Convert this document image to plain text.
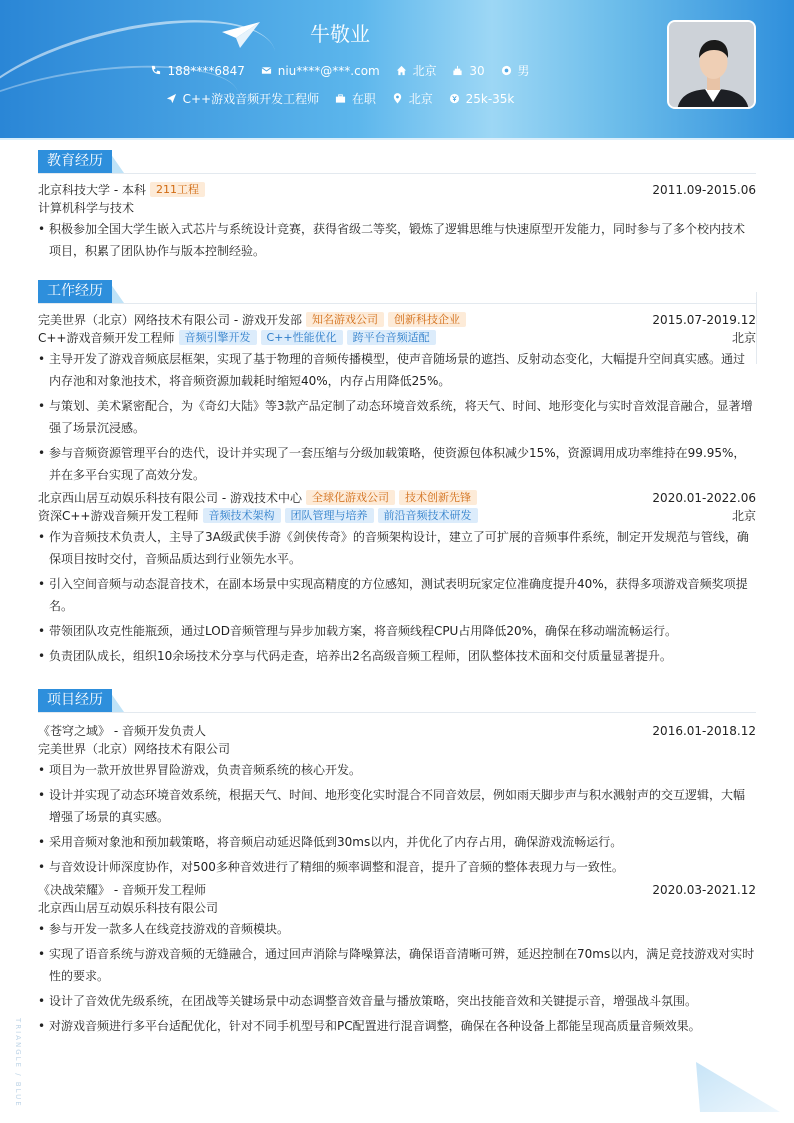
牛敬业
188****6847	niu****@***.com	北京	30	男
C++游戏音频开发工程师	在职	北京	25k-35k
教育经历
北京科技大学 - 本科 211工程	2011.09-2015.06
计算机科学与技术
• 积极参加全国大学生嵌入式芯片与系统设计竞赛，获得省级二等奖，锻炼了逻辑思维与快速原型开发能力，同时参与了多个校内技术项目，积累了团队协作与版本控制经验。
工作经历
完美世界（北京）网络技术有限公司 - 游戏开发部 知名游戏公司 创新科技企业	2015.07-2019.12
C++游戏音频开发工程师 音频引擎开发 C++性能优化 跨平台音频适配	北京
• 主导开发了游戏音频底层框架，实现了基于物理的音频传播模型，使声音随场景的遮挡、反射动态变化，大幅提升空间真实感。通过内存池和对象池技术，将音频资源加载耗时缩短40%，内存占用降低25%。
• 与策划、美术紧密配合，为《奇幻大陆》等3款产品定制了动态环境音效系统，将天气、时间、地形变化与实时音效混音融合，显著增强了场景沉浸感。
• 参与音频资源管理平台的迭代，设计并实现了一套压缩与分级加载策略，使资源包体积减少15%，资源调用成功率维持在99.95%，并在多平台实现了高效分发。
北京西山居互动娱乐科技有限公司 - 游戏技术中心 全球化游戏公司 技术创新先锋	2020.01-2022.06
资深C++游戏音频开发工程师 音频技术架构 团队管理与培养 前沿音频技术研发	北京
• 作为音频技术负责人，主导了3A级武侠手游《剑侠传奇》的音频架构设计，建立了可扩展的音频事件系统，制定开发规范与管线，确保项目按时交付，音频品质达到行业领先水平。
• 引入空间音频与动态混音技术，在副本场景中实现高精度的方位感知，测试表明玩家定位准确度提升40%，获得多项游戏音频奖项提名。
• 带领团队攻克性能瓶颈，通过LOD音频管理与异步加载方案，将音频线程CPU占用降低20%，确保在移动端流畅运行。
• 负责团队成长，组织10余场技术分享与代码走查，培养出2名高级音频工程师，团队整体技术面和交付质量显著提升。
项目经历
《苍穹之域》 - 音频开发负责人	2016.01-2018.12
完美世界（北京）网络技术有限公司
• 项目为一款开放世界冒险游戏，负责音频系统的核心开发。
• 设计并实现了动态环境音效系统，根据天气、时间、地形变化实时混合不同音效层，例如雨天脚步声与积水溅射声的交互逻辑，大幅增强了场景的真实感。
• 采用音频对象池和预加载策略，将音频启动延迟降低到30ms以内，并优化了内存占用，确保游戏流畅运行。
• 与音效设计师深度协作，对500多种音效进行了精细的频率调整和混音，提升了音频的整体表现力与一致性。
《决战荣耀》 - 音频开发工程师	2020.03-2021.12
北京西山居互动娱乐科技有限公司
• 参与开发一款多人在线竞技游戏的音频模块。
• 实现了语音系统与游戏音频的无缝融合，通过回声消除与降噪算法，确保语音清晰可辨，延迟控制在70ms以内，满足竞技游戏对实时性的要求。
• 设计了音效优先级系统，在团战等关键场景中动态调整音效音量与播放策略，突出技能音效和关键提示音，增强战斗氛围。
• 对游戏音频进行多平台适配优化，针对不同手机型号和PC配置进行混音调整，确保在各种设备上都能呈现高质量音频效果。
TRIANGLE / BLUE
